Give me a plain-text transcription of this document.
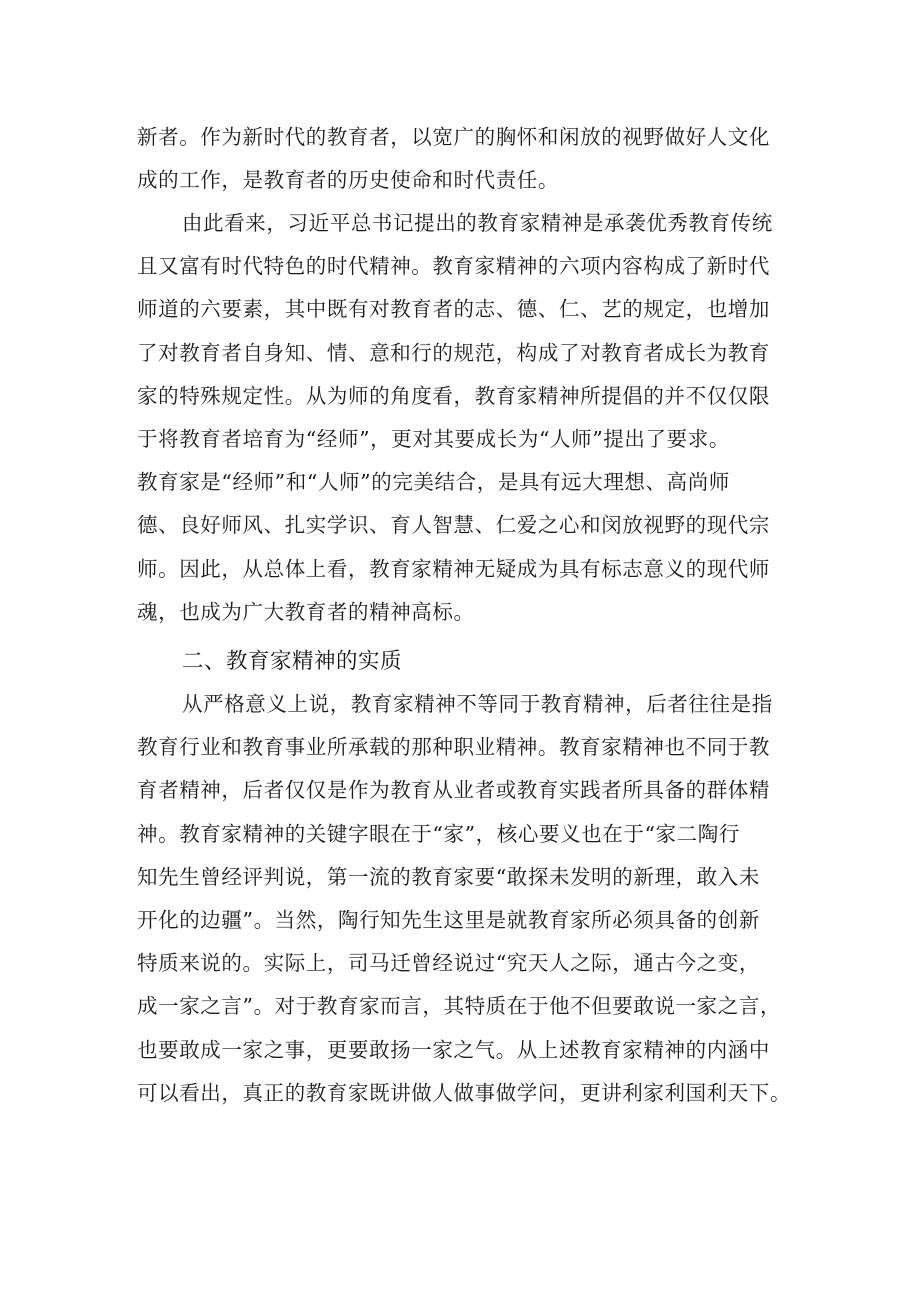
新者。作为新时代的教育者，以宽广的胸怀和闲放的视野做好人文化
成的工作，是教育者的历史使命和时代责任。
由此看来，习近平总书记提出的教育家精神是承袭优秀教育传统
且又富有时代特色的时代精神。教育家精神的六项内容构成了新时代
师道的六要素，其中既有对教育者的志、德、仁、艺的规定，也增加
了对教育者自身知、情、意和行的规范，构成了对教育者成长为教育
家的特殊规定性。从为师的角度看，教育家精神所提倡的并不仅仅限
于将教育者培育为“经师”，更对其要成长为“人师”提出了要求。
教育家是“经师”和“人师”的完美结合，是具有远大理想、高尚师
德、良好师风、扎实学识、育人智慧、仁爱之心和闵放视野的现代宗
师。因此，从总体上看，教育家精神无疑成为具有标志意义的现代师
魂，也成为广大教育者的精神高标。
二、教育家精神的实质
从严格意义上说，教育家精神不等同于教育精神，后者往往是指
教育行业和教育事业所承载的那种职业精神。教育家精神也不同于教
育者精神，后者仅仅是作为教育从业者或教育实践者所具备的群体精
神。教育家精神的关键字眼在于“家”，核心要义也在于“家二陶行
知先生曾经评判说，第一流的教育家要“敢探未发明的新理，敢入未
开化的边疆”。当然，陶行知先生这里是就教育家所必须具备的创新
特质来说的。实际上，司马迁曾经说过“究天人之际，通古今之变，
成一家之言”。对于教育家而言，其特质在于他不但要敢说一家之言，
也要敢成一家之事，更要敢扬一家之气。从上述教育家精神的内涵中
可以看出，真正的教育家既讲做人做事做学问，更讲利家利国利天下。
